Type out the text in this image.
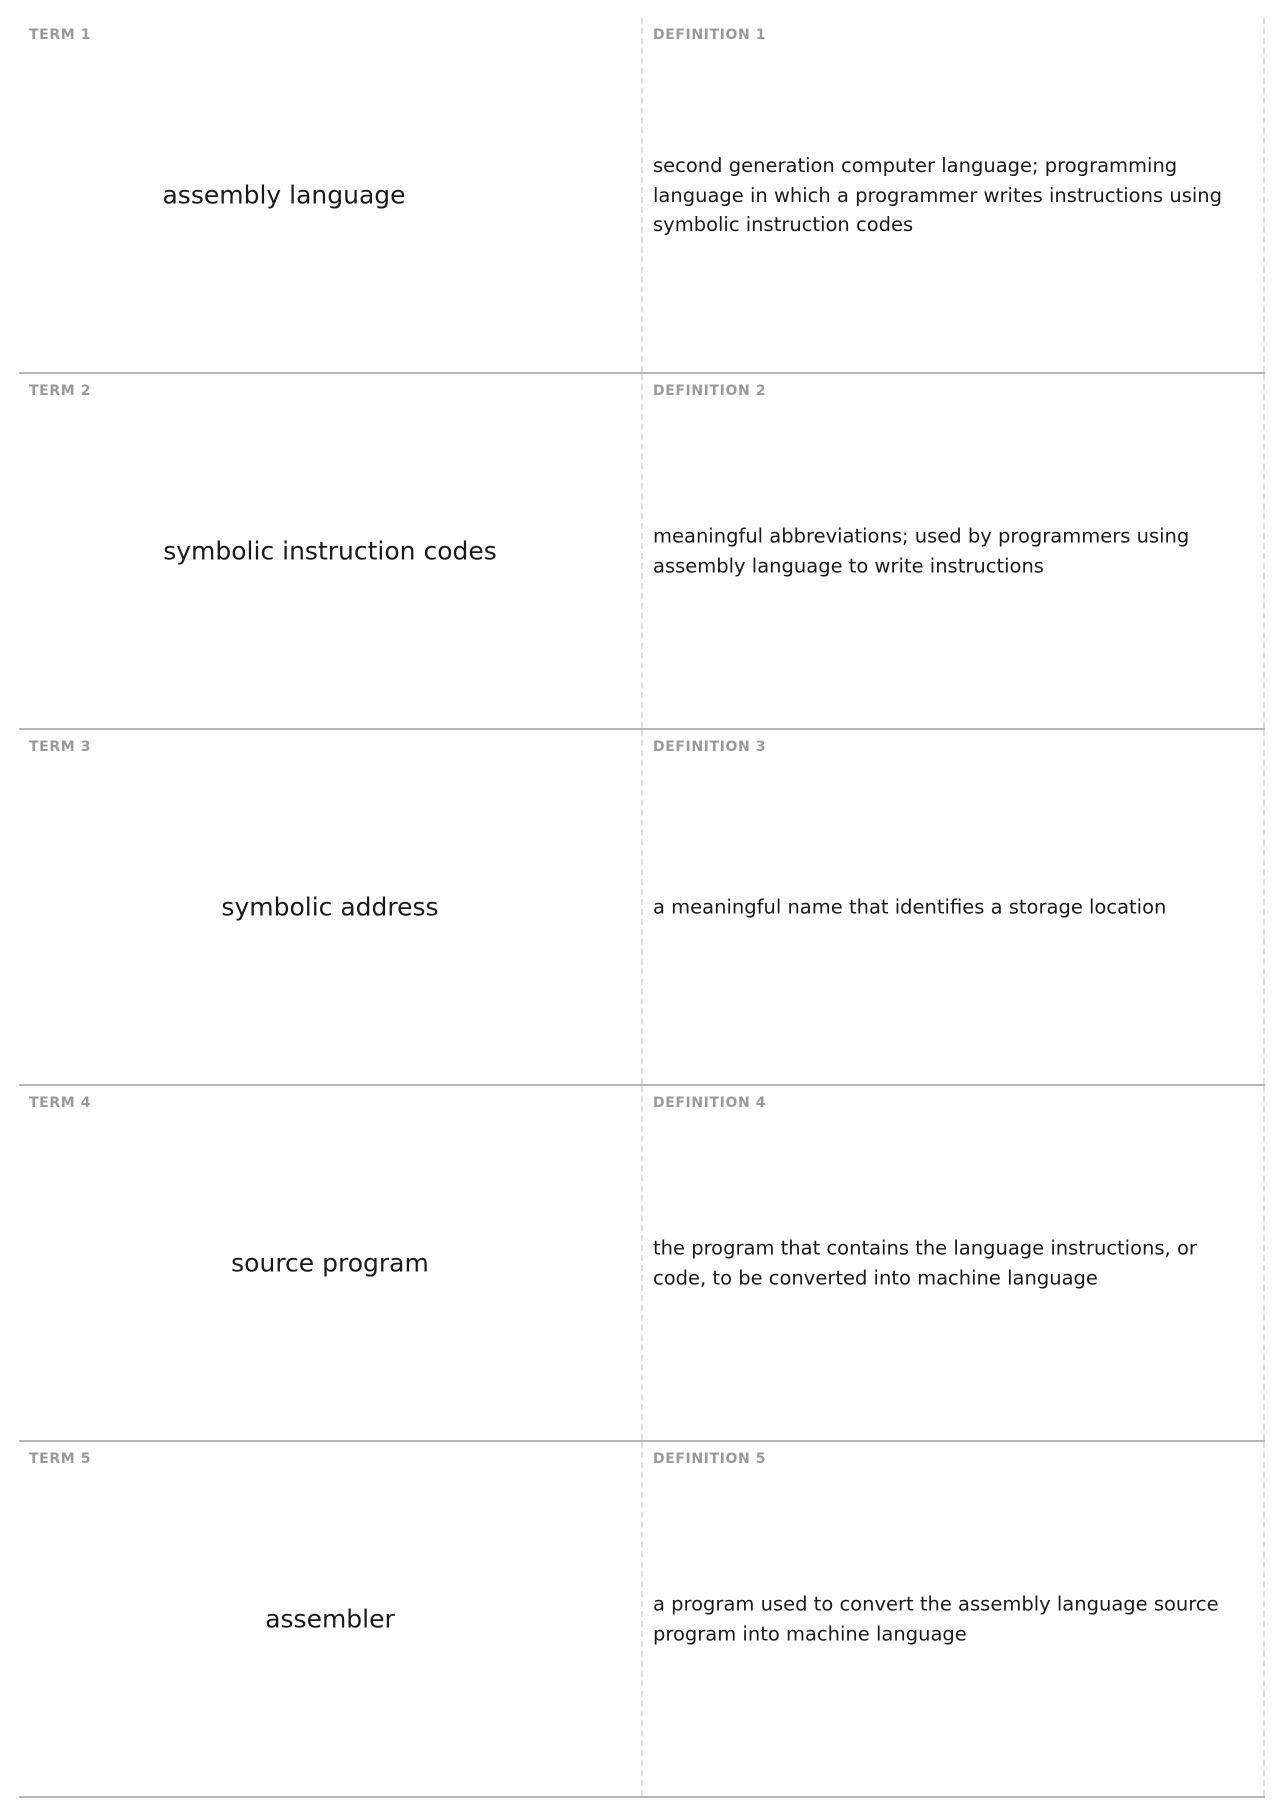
TERM 1
assembly language
DEFINITION 1
second generation computer language; programming language in which a programmer writes instructions using symbolic instruction codes
TERM 2
symbolic instruction codes
DEFINITION 2
meaningful abbreviations; used by programmers using assembly language to write instructions
TERM 3
symbolic address
DEFINITION 3
a meaningful name that identifies a storage location
TERM 4
source program
DEFINITION 4
the program that contains the language instructions, or code, to be converted into machine language
TERM 5
assembler
DEFINITION 5
a program used to convert the assembly language source program into machine language
